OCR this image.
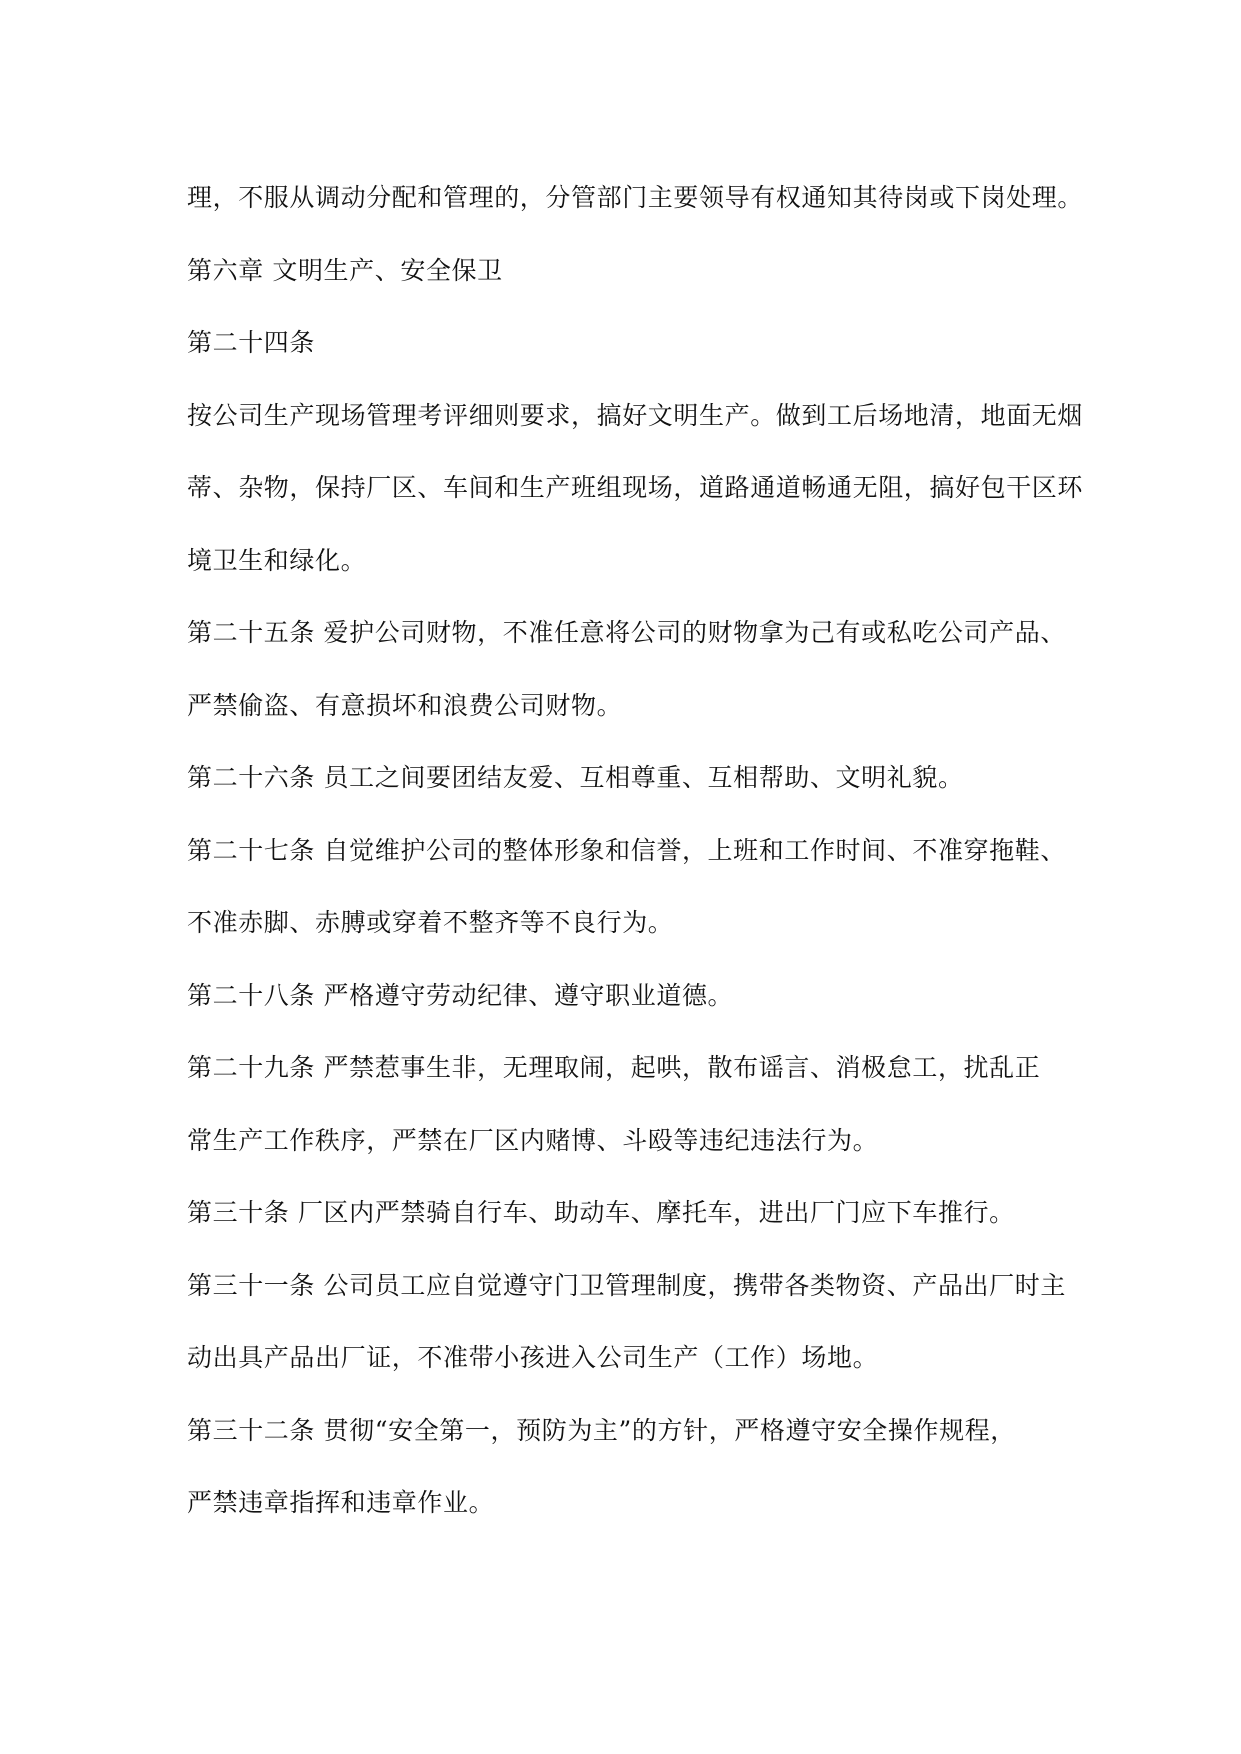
理，不服从调动分配和管理的，分管部门主要领导有权通知其待岗或下岗处理。
第六章 文明生产、安全保卫
第二十四条
按公司生产现场管理考评细则要求，搞好文明生产。做到工后场地清，地面无烟
蒂、杂物，保持厂区、车间和生产班组现场，道路通道畅通无阻，搞好包干区环
境卫生和绿化。
第二十五条 爱护公司财物，不准任意将公司的财物拿为己有或私吃公司产品、
严禁偷盗、有意损坏和浪费公司财物。
第二十六条 员工之间要团结友爱、互相尊重、互相帮助、文明礼貌。
第二十七条 自觉维护公司的整体形象和信誉，上班和工作时间、不准穿拖鞋、
不准赤脚、赤膊或穿着不整齐等不良行为。
第二十八条 严格遵守劳动纪律、遵守职业道德。
第二十九条 严禁惹事生非，无理取闹，起哄，散布谣言、消极怠工，扰乱正
常生产工作秩序，严禁在厂区内赌博、斗殴等违纪违法行为。
第三十条 厂区内严禁骑自行车、助动车、摩托车，进出厂门应下车推行。
第三十一条 公司员工应自觉遵守门卫管理制度，携带各类物资、产品出厂时主
动出具产品出厂证，不准带小孩进入公司生产（工作）场地。
第三十二条 贯彻“安全第一，预防为主”的方针，严格遵守安全操作规程，
严禁违章指挥和违章作业。
